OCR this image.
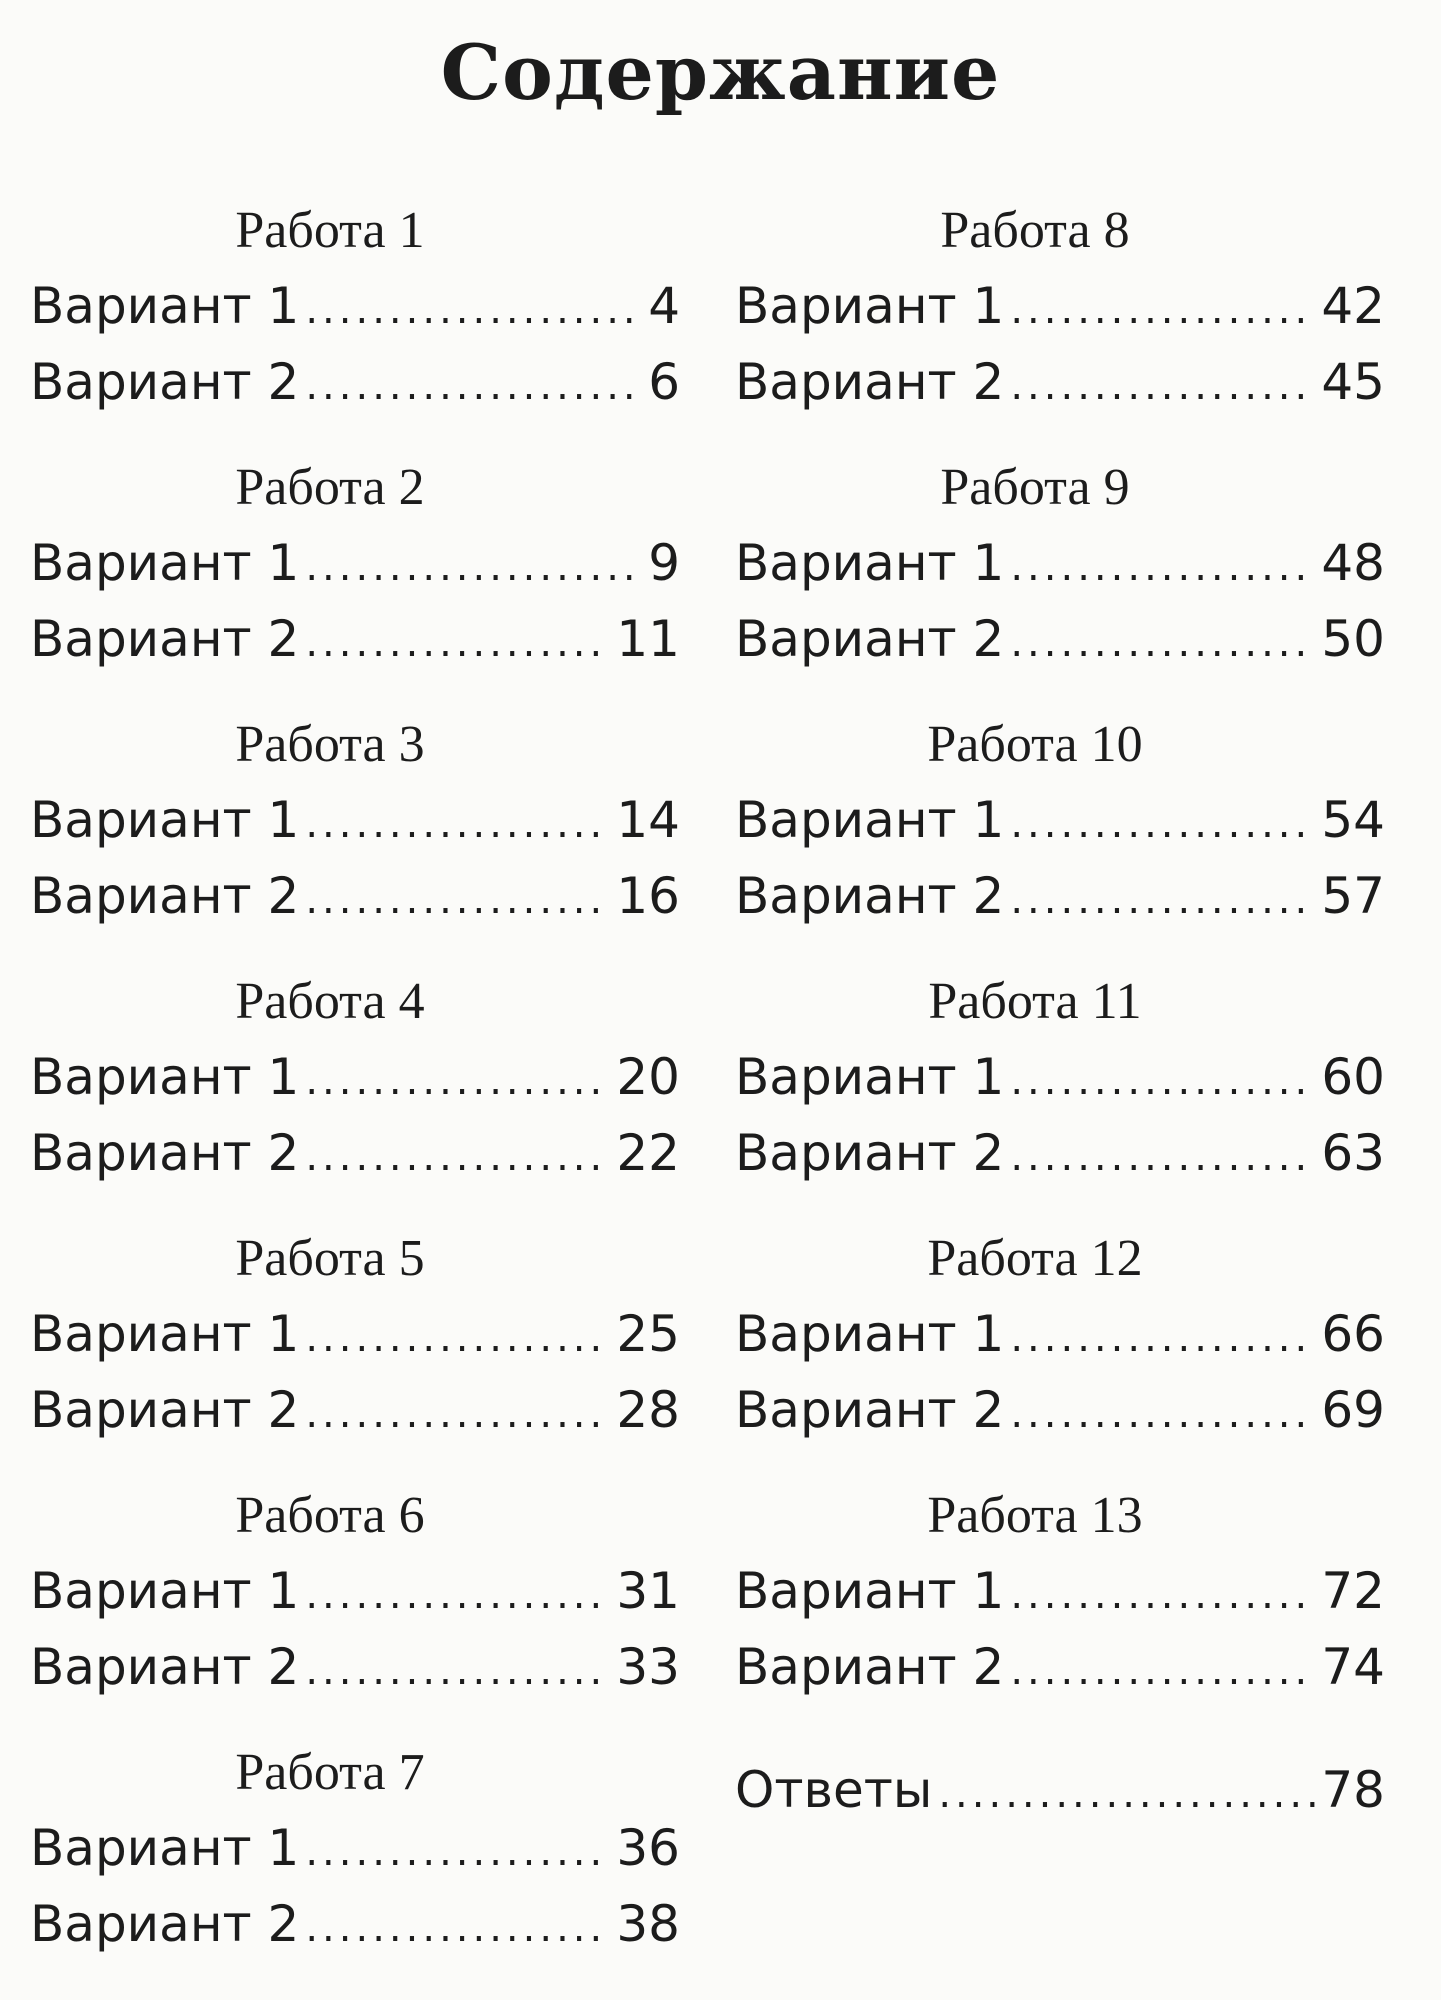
Содержание
Работа 1
Вариант 1 .....	4
Вариант 2 .....	6
Работа 2
Вариант 1 .....	9
Вариант 2 .....	11
Работа 3
Вариант 1 .....	14
Вариант 2 .....	16
Работа 4
Вариант 1 .....	20
Вариант 2 .....	22
Работа 5
Вариант 1 .....	25
Вариант 2 .....	28
Работа 6
Вариант 1 .....	31
Вариант 2 .....	33
Работа 7
Вариант 1 .....	36
Вариант 2 .....	38
Работа 8
Вариант 1 .....	42
Вариант 2 .....	45
Работа 9
Вариант 1 .....	48
Вариант 2 .....	50
Работа 10
Вариант 1 .....	54
Вариант 2 .....	57
Работа 11
Вариант 1 .....	60
Вариант 2 .....	63
Работа 12
Вариант 1 .....	66
Вариант 2 .....	69
Работа 13
Вариант 1 .....	72
Вариант 2 .....	74
Ответы .....	78
